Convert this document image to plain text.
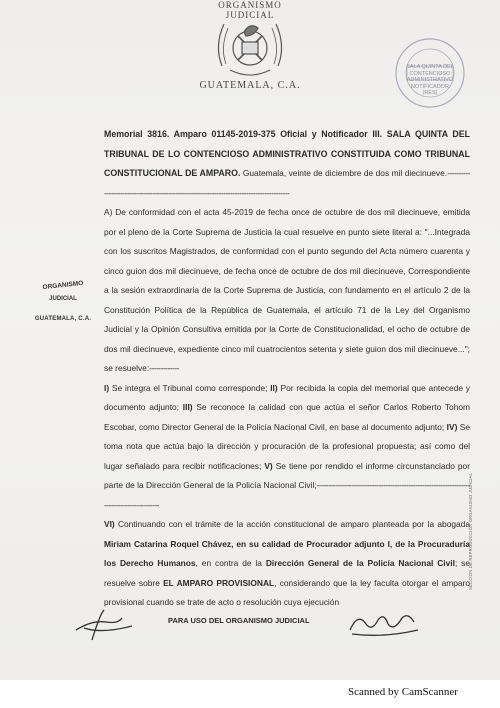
ORGANISMO JUDICIAL
GUATEMALA, C.A.
SALA QUINTA DEL CONTENCIOSO ADMINISTRATIVO NOTIFICADOR (RES)
ORGANISMO
JUDICIAL
GUATEMALA, C.A.

Memorial 3816. Amparo 01145-2019-375 Oficial y Notificador III. SALA QUINTA DEL TRIBUNAL DE LO CONTENCIOSO ADMINISTRATIVO CONSTITUIDA COMO TRIBUNAL CONSTITUCIONAL DE AMPARO. Guatemala, veinte de diciembre de dos mil diecinueve.-------------------------------------------------------------------------------------------

A) De conformidad con el acta 45-2019 de fecha once de octubre de dos mil diecinueve, emitida por el pleno de la Corte Suprema de Justicia la cual resuelve en punto siete literal a: "...Integrada con los suscritos Magistrados, de conformidad con el punto segundo del Acta número cuarenta y cinco guion dos mil diecinueve, de fecha once de octubre de dos mil diecinueve, Correspondiente a la sesión extraordinaria de la Corte Suprema de Justicia, con fundamento en el artículo 2 de la Constitución Política de la República de Guatemala, el artículo 71 de la Ley del Organismo Judicial y la Opinión Consultiva emitida por la Corte de Constitucionalidad, el ocho de octubre de dos mil diecinueve, expediente cinco mil cuatrocientos setenta y siete guion dos mil diecinueve..."; se resuelve:-------------

I) Se integra el Tribunal como corresponde; II) Por recibida la copia del memorial que antecede y documento adjunto; III) Se reconoce la calidad con que actúa el señor Carlos Roberto Tohom Escobar, como Director General de la Policía Nacional Civil, en base al documento adjunto; IV) Se toma nota que actúa bajo la dirección y procuración de la profesional propuesta; así como del lugar señalado para recibir notificaciones; V) Se tiene por rendido el informe circunstanciado por parte de la Dirección General de la Policía Nacional Civil;-------------------------------------------------------------------------------------------

VI) Continuando con el trámite de la acción constitucional de amparo planteada por la abogada Miriam Catarina Roquel Chávez, en su calidad de Procurador adjunto I, de la Procuraduría los Derecho Humanos, en contra de la Dirección General de la Policía Nacional Civil; se resuelve sobre EL AMPARO PROVISIONAL, considerando que la ley faculta otorgar el amparo provisional cuando se trate de acto o resolución cuya ejecución

PARA USO DEL ORGANISMO JUDICIAL
SECCIÓN DE REPRODUCCIÓN ORGANISMO JUDICIAL
Scanned by CamScanner
